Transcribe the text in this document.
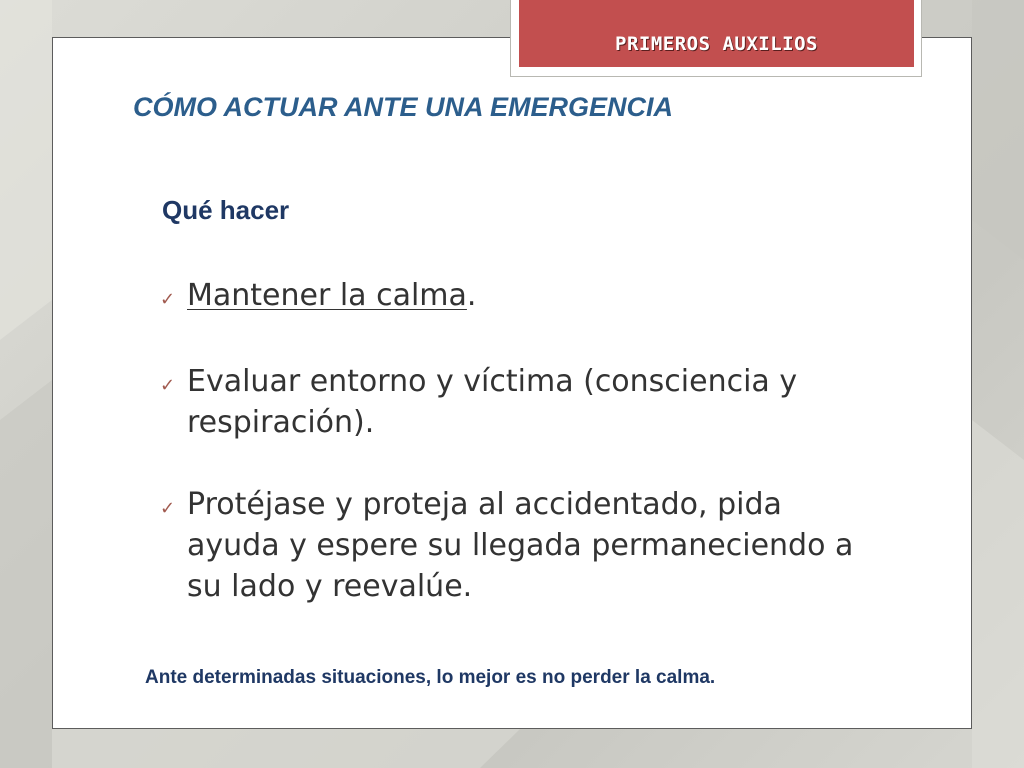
PRIMEROS AUXILIOS
CÓMO ACTUAR ANTE UNA EMERGENCIA
Qué hacer
✓ Mantener la calma.
✓ Evaluar entorno y víctima (consciencia y respiración).
✓ Protéjase y proteja al accidentado, pida ayuda y espere su llegada permaneciendo a su lado y reevalúe.

Ante determinadas situaciones, lo mejor es no perder la calma.
